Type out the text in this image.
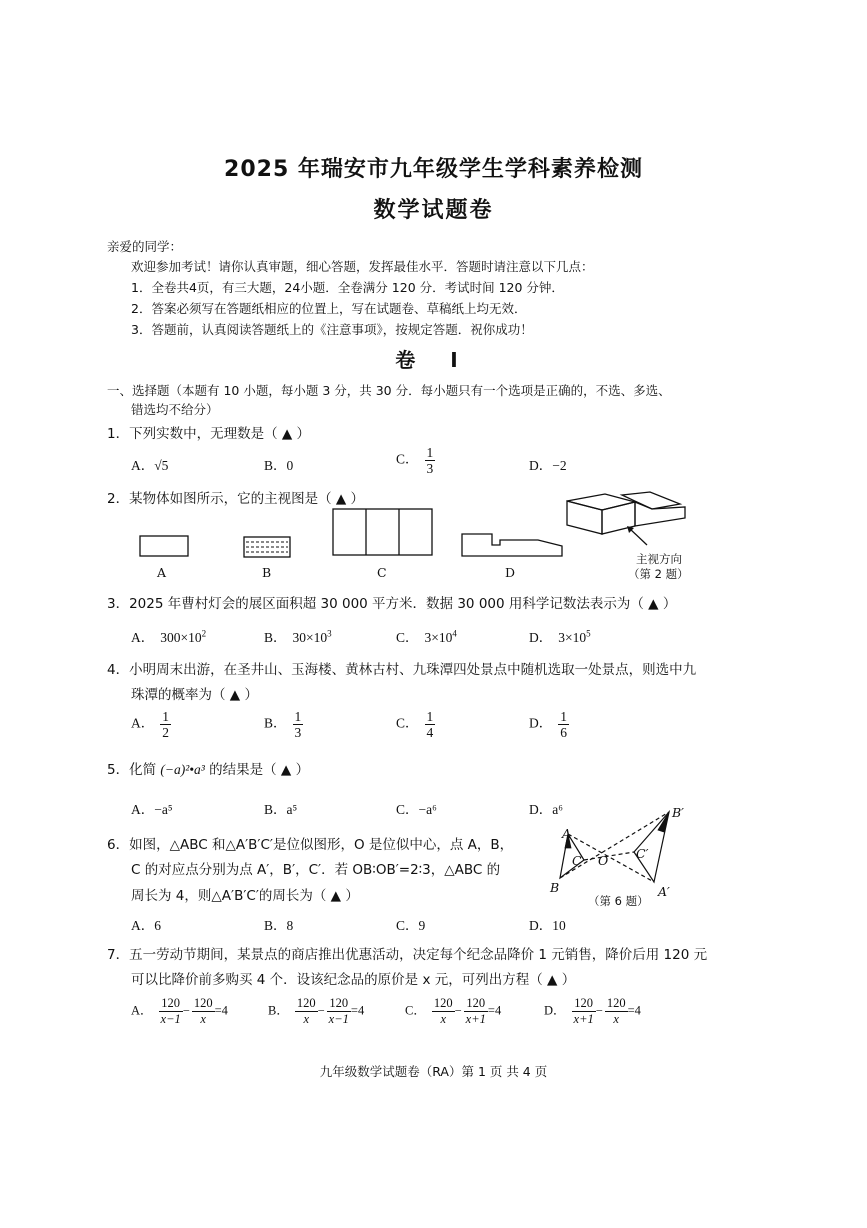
2025 年瑞安市九年级学生学科素养检测
数学试题卷
亲爱的同学：
欢迎参加考试！请你认真审题，细心答题，发挥最佳水平．答题时请注意以下几点：
1．全卷共4页，有三大题，24小题．全卷满分 120 分．考试时间 120 分钟．
2．答案必须写在答题纸相应的位置上，写在试题卷、草稿纸上均无效．
3．答题前，认真阅读答题纸上的《注意事项》，按规定答题．祝你成功！
卷 Ⅰ
一、选择题（本题有 10 小题，每小题 3 分，共 30 分．每小题只有一个选项是正确的，不选、多选、
错选均不给分）
1．下列实数中，无理数是（ ▲ ）
A．√5	B．0	C． $\frac{1}{3}$	D．−2
2．某物体如图所示，它的主视图是（ ▲ ）
A	B	C	D
主视方向
（第 2 题）
3．2025 年曹村灯会的展区面积超 30 000 平方米．数据 30 000 用科学记数法表示为（ ▲ ）
A． $300\times 10^2$	B． $30\times 10^3$	C． $3\times 10^4$	D． $3\times 10^5$
4．小明周末出游，在圣井山、玉海楼、黄林古村、九珠潭四处景点中随机选取一处景点，则选中九
珠潭的概率为（ ▲ ）
A． $\frac{1}{2}$	B． $\frac{1}{3}$	C． $\frac{1}{4}$	D． $\frac{1}{6}$
5．化简 (−a)²•a³ 的结果是（ ▲ ）
A．−a⁵	B．a⁵	C．−a⁶	D．a⁶
6．如图，△ABC 和△A′B′C′是位似图形，O 是位似中心，点 A，B，
C 的对应点分别为点 A′，B′，C′．若 OB∶OB′=2∶3，△ABC 的
周长为 4，则△A′B′C′的周长为（ ▲ ）
A
B
C O
A′
B′
C′
（第 6 题）
A．6	B．8	C．9	D．10
7．五一劳动节期间，某景点的商店推出优惠活动，决定每个纪念品降价 1 元销售，降价后用 120 元
可以比降价前多购买 4 个．设该纪念品的原价是 x 元，可列出方程（ ▲ ）
A． $\frac{120}{x-1} - \frac{120}{x} =4$	B． $\frac{120}{x} - \frac{120}{x-1} =4$	C． $\frac{120}{x} - \frac{120}{x+1} =4$	D． $\frac{120}{x+1} - \frac{120}{x} =4$
九年级数学试题卷（RA）第 1 页 共 4 页
